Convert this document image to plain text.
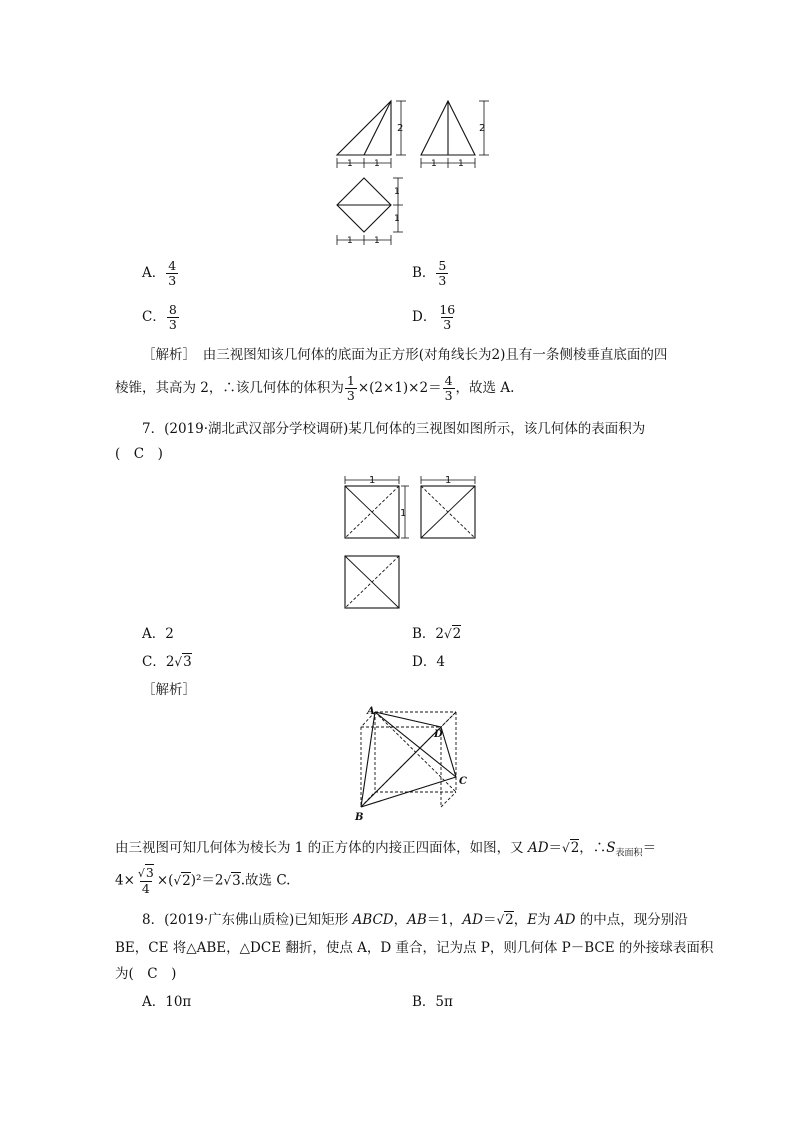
1 1
2
1 1
2
1 1
1
1
A． $\frac{4}{3}$	B． $\frac{5}{3}$
C． $\frac{8}{3}$	D． $\frac{16}{3}$
［解析］　由三视图知该几何体的底面为正方形(对角线长为2)且有一条侧棱垂直底面的四
棱锥，其高为 2，∴该几何体的体积为 $\frac{1}{3} \times(2\times 1)\times 2= \frac{4}{3}$ ，故选 A.
7．(2019·湖北武汉部分学校调研)某几何体的三视图如图所示，该几何体的表面积为
(　C　)
1	1
1
A．2	B．2√2
C．2√3	D．4
［解析］
A
D
C
B
由三视图可知几何体为棱长为 1 的正方体的内接正四面体，如图，又 AD＝√2，$\therefore S_{表面积}=$
$4\times \frac{√3}{4} \times(√2)^2=2√3$.故选 C.
8．(2019·广东佛山质检)已知矩形 ABCD，AB＝1，AD＝√2，E为 AD 的中点，现分别沿
BE，CE 将△ABE，△DCE 翻折，使点 A，D 重合，记为点 P，则几何体 P－BCE 的外接球表面积
为(　C　)
A．10π	B．5π
